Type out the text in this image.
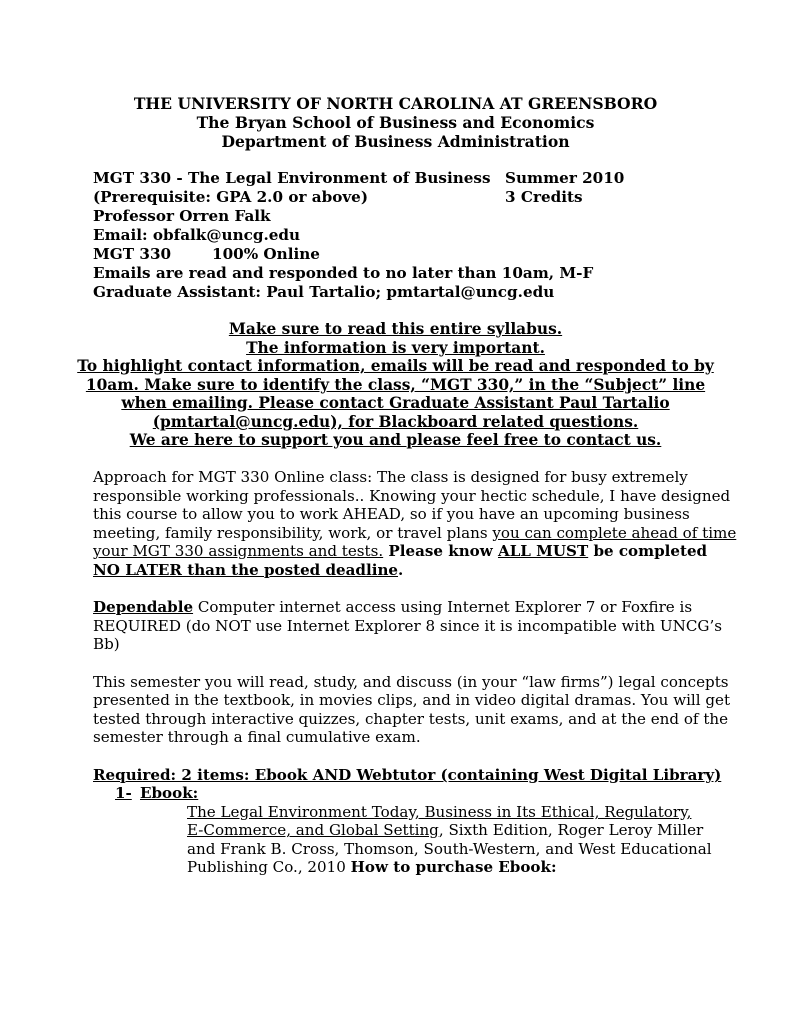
THE UNIVERSITY OF NORTH CAROLINA AT GREENSBORO
The Bryan School of Business and Economics
Department of Business Administration
MGT 330 - The Legal Environment of Business Summer 2010
(Prerequisite: GPA 2.0 or above)	3 Credits
Professor Orren Falk
Email: obfalk@uncg.edu
MGT 330	100% Online
Emails are read and responded to no later than 10am, M-F
Graduate Assistant: Paul Tartalio; pmtartal@uncg.edu
Make sure to read this entire syllabus.
The information is very important.
To highlight contact information, emails will be read and responded to by
10am. Make sure to identify the class, “MGT 330,” in the “Subject” line
when emailing. Please contact Graduate Assistant Paul Tartalio
(pmtartal@uncg.edu), for Blackboard related questions.
We are here to support you and please feel free to contact us.
Approach for MGT 330 Online class: The class is designed for busy extremely
responsible working professionals.. Knowing your hectic schedule, I have designed
this course to allow you to work AHEAD, so if you have an upcoming business
meeting, family responsibility, work, or travel plans you can complete ahead of time
your MGT 330 assignments and tests. Please know ALL MUST be completed
NO LATER than the posted deadline.
Dependable Computer internet access using Internet Explorer 7 or Foxfire is
REQUIRED (do NOT use Internet Explorer 8 since it is incompatible with UNCG’s
Bb)
This semester you will read, study, and discuss (in your “law firms”) legal concepts
presented in the textbook, in movies clips, and in video digital dramas. You will get
tested through interactive quizzes, chapter tests, unit exams, and at the end of the
semester through a final cumulative exam.
Required: 2 items: Ebook AND Webtutor (containing West Digital Library)
1- Ebook:
The Legal Environment Today, Business in Its Ethical, Regulatory,
E-Commerce, and Global Setting, Sixth Edition, Roger Leroy Miller
and Frank B. Cross, Thomson, South-Western, and West Educational
Publishing Co., 2010 How to purchase Ebook:
